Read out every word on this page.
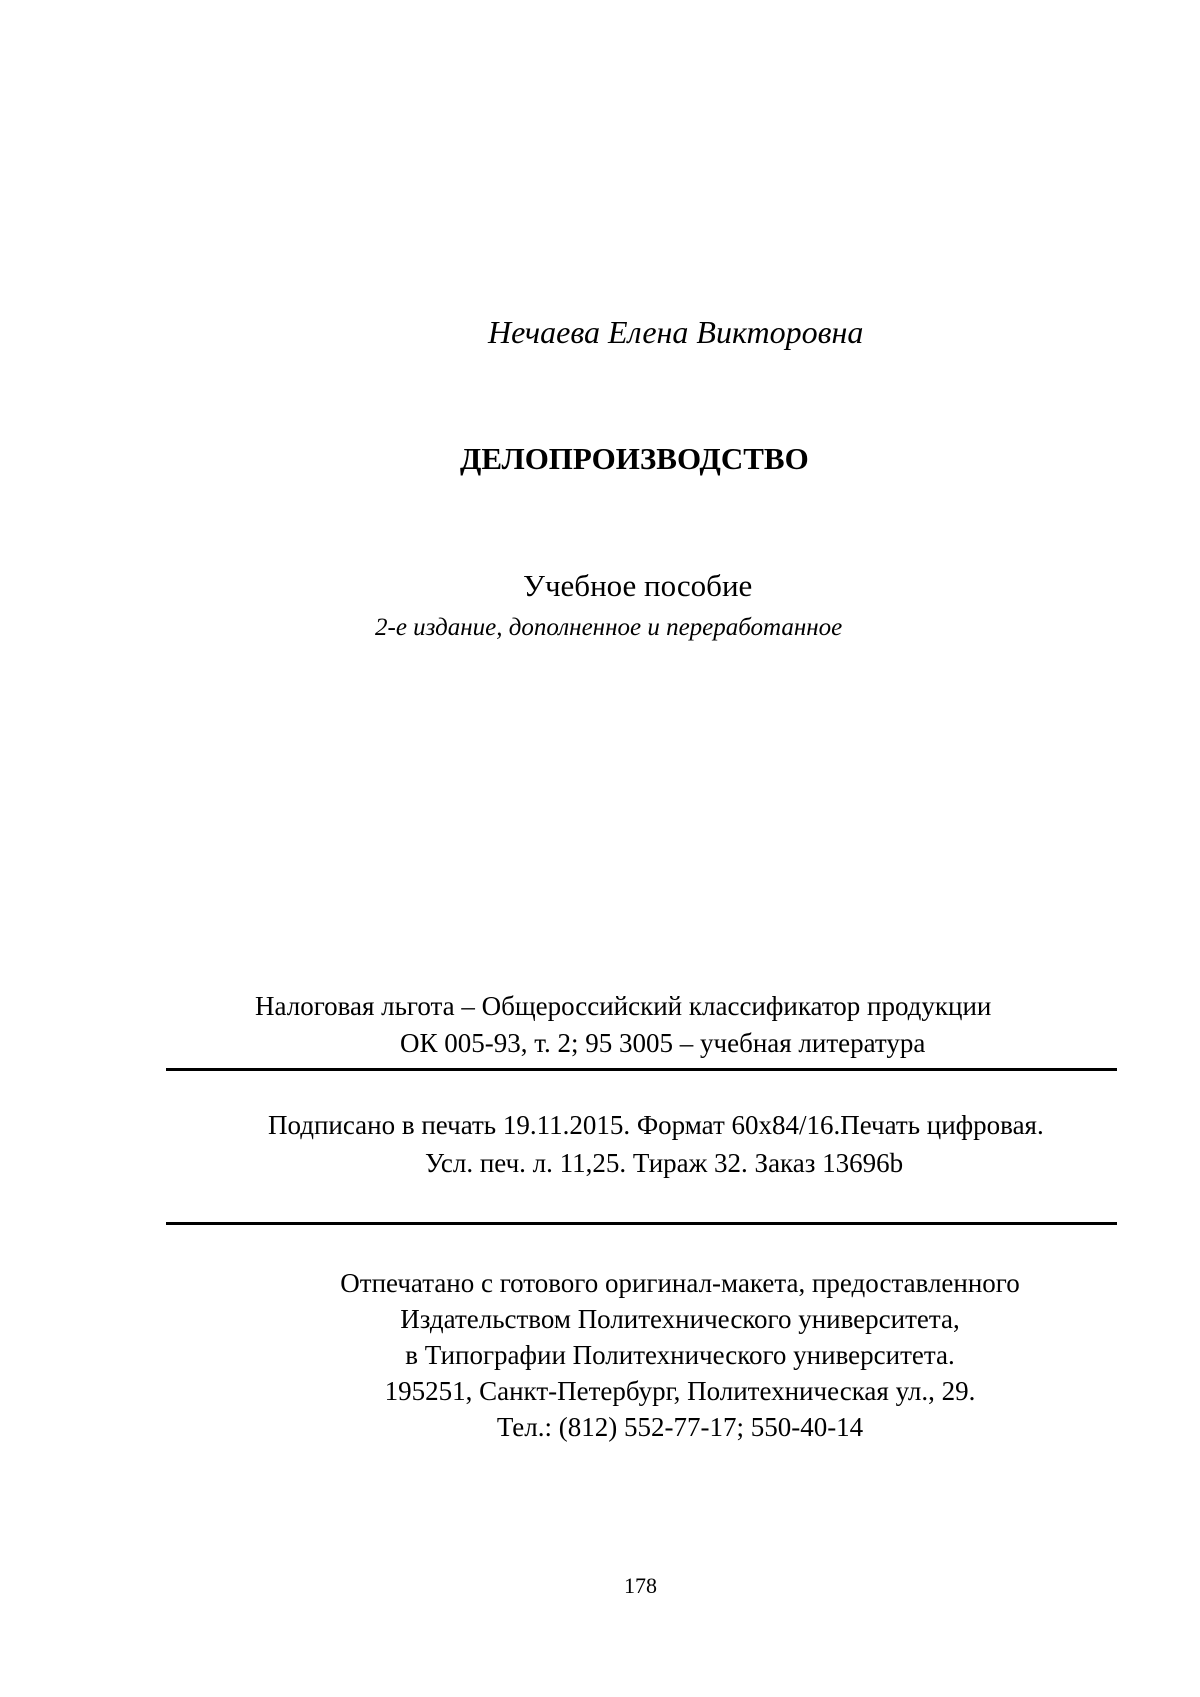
Нечаева Елена Викторовна

ДЕЛОПРОИЗВОДСТВО

Учебное пособие

2-е издание, дополненное и переработанное

Налоговая льгота – Общероссийский классификатор продукции

ОК 005-93, т. 2; 95 3005 – учебная литература

Подписано в печать 19.11.2015. Формат 60х84/16.Печать цифровая.

Усл. печ. л. 11,25. Тираж 32. Заказ 13696b

Отпечатано с готового оригинал-макета, предоставленного
Издательством Политехнического университета,
в Типографии Политехнического университета.
195251, Санкт-Петербург, Политехническая ул., 29.
Тел.: (812) 552-77-17; 550-40-14

178
